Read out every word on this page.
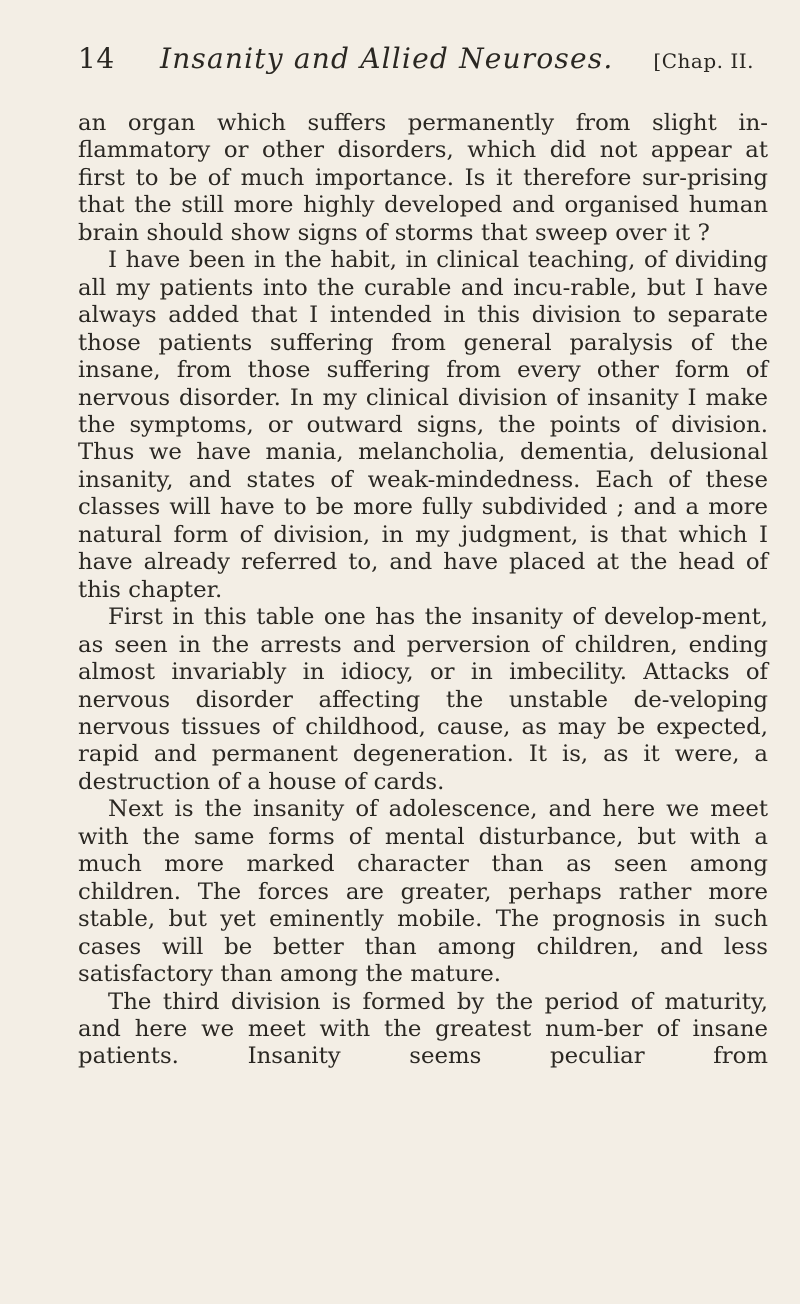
14	Insanity and Allied Neuroses.	[Chap. II.

an organ which suffers permanently from slight in-flammatory or other disorders, which did not appear at first to be of much importance. Is it therefore sur-prising that the still more highly developed and organised human brain should show signs of storms that sweep over it ?

I have been in the habit, in clinical teaching, of dividing all my patients into the curable and incu-rable, but I have always added that I intended in this division to separate those patients suffering from general paralysis of the insane, from those suffering from every other form of nervous disorder. In my clinical division of insanity I make the symptoms, or outward signs, the points of division. Thus we have mania, melancholia, dementia, delusional insanity, and states of weak-mindedness. Each of these classes will have to be more fully subdivided ; and a more natural form of division, in my judgment, is that which I have already referred to, and have placed at the head of this chapter.

First in this table one has the insanity of develop-ment, as seen in the arrests and perversion of children, ending almost invariably in idiocy, or in imbecility. Attacks of nervous disorder affecting the unstable de-veloping nervous tissues of childhood, cause, as may be expected, rapid and permanent degeneration. It is, as it were, a destruction of a house of cards.

Next is the insanity of adolescence, and here we meet with the same forms of mental disturbance, but with a much more marked character than as seen among children. The forces are greater, perhaps rather more stable, but yet eminently mobile. The prognosis in such cases will be better than among children, and less satisfactory than among the mature.

The third division is formed by the period of maturity, and here we meet with the greatest num-ber of insane patients. Insanity seems peculiar from
